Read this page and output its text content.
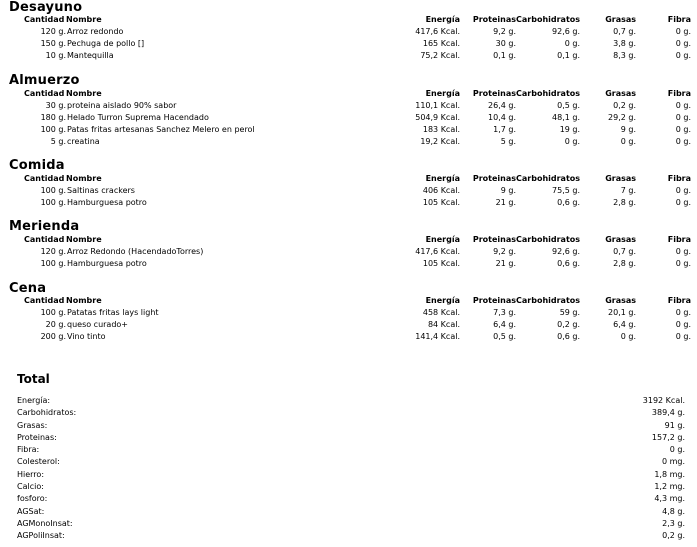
Desayuno
Cantidad	Nombre	Energía	Proteinas	Carbohidratos	Grasas	Fibra
120 g.	Arroz redondo	417,6 Kcal.	9,2 g.	92,6 g.	0,7 g.	0 g.
150 g.	Pechuga de pollo []	165 Kcal.	30 g.	0 g.	3,8 g.	0 g.
10 g.	Mantequilla	75,2 Kcal.	0,1 g.	0,1 g.	8,3 g.	0 g.
Almuerzo
Cantidad	Nombre	Energía	Proteinas	Carbohidratos	Grasas	Fibra
30 g.	proteina aislado 90% sabor	110,1 Kcal.	26,4 g.	0,5 g.	0,2 g.	0 g.
180 g.	Helado Turron Suprema Hacendado	504,9 Kcal.	10,4 g.	48,1 g.	29,2 g.	0 g.
100 g.	Patas fritas artesanas Sanchez Melero en perol	183 Kcal.	1,7 g.	19 g.	9 g.	0 g.
5 g.	creatina	19,2 Kcal.	5 g.	0 g.	0 g.	0 g.
Comida
Cantidad	Nombre	Energía	Proteinas	Carbohidratos	Grasas	Fibra
100 g.	Saltinas crackers	406 Kcal.	9 g.	75,5 g.	7 g.	0 g.
100 g.	Hamburguesa potro	105 Kcal.	21 g.	0,6 g.	2,8 g.	0 g.
Merienda
Cantidad	Nombre	Energía	Proteinas	Carbohidratos	Grasas	Fibra
120 g.	Arroz Redondo (HacendadoTorres)	417,6 Kcal.	9,2 g.	92,6 g.	0,7 g.	0 g.
100 g.	Hamburguesa potro	105 Kcal.	21 g.	0,6 g.	2,8 g.	0 g.
Cena
Cantidad	Nombre	Energía	Proteinas	Carbohidratos	Grasas	Fibra
100 g.	Patatas fritas lays light	458 Kcal.	7,3 g.	59 g.	20,1 g.	0 g.
20 g.	queso curado+	84 Kcal.	6,4 g.	0,2 g.	6,4 g.	0 g.
200 g.	Vino tinto	141,4 Kcal.	0,5 g.	0,6 g.	0 g.	0 g.
Total
Energía:	3192 Kcal.
Carbohidratos:	389,4 g.
Grasas:	91 g.
Proteinas:	157,2 g.
Fibra:	0 g.
Colesterol:	0 mg.
Hierro:	1,8 mg.
Calcio:	1,2 mg.
fosforo:	4,3 mg.
AGSat:	4,8 g.
AGMonoInsat:	2,3 g.
AGPoliInsat:	0,2 g.
